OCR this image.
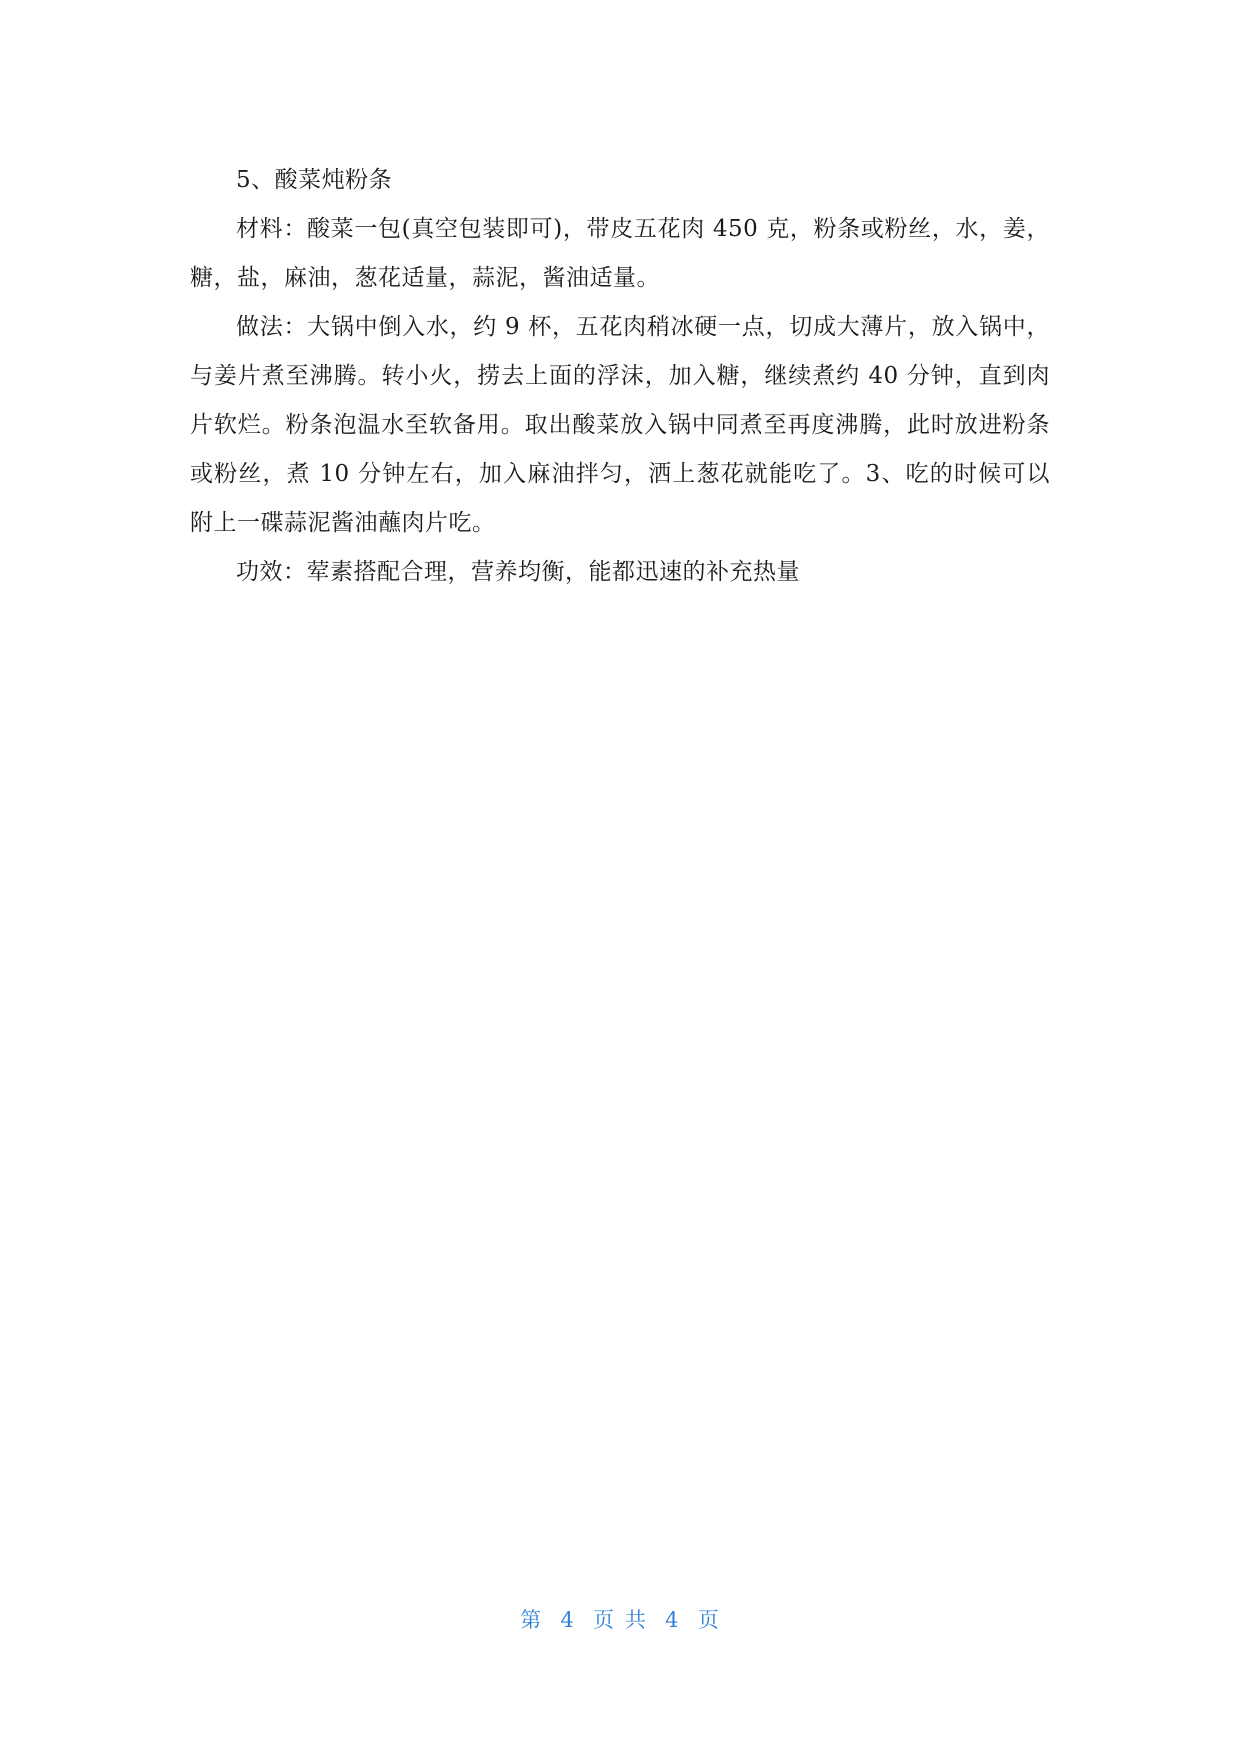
5、酸菜炖粉条

材料：酸菜一包(真空包装即可)，带皮五花肉 450 克，粉条或粉丝，水，姜，糖，盐，麻油，葱花适量，蒜泥，酱油适量。

做法：大锅中倒入水，约 9 杯，五花肉稍冰硬一点，切成大薄片，放入锅中，与姜片煮至沸腾。转小火，捞去上面的浮沫，加入糖，继续煮约 40 分钟，直到肉片软烂。粉条泡温水至软备用。取出酸菜放入锅中同煮至再度沸腾，此时放进粉条或粉丝，煮 10 分钟左右，加入麻油拌匀，洒上葱花就能吃了。3、吃的时候可以附上一碟蒜泥酱油蘸肉片吃。

功效：荤素搭配合理，营养均衡，能都迅速的补充热量

第  4  页 共  4  页
